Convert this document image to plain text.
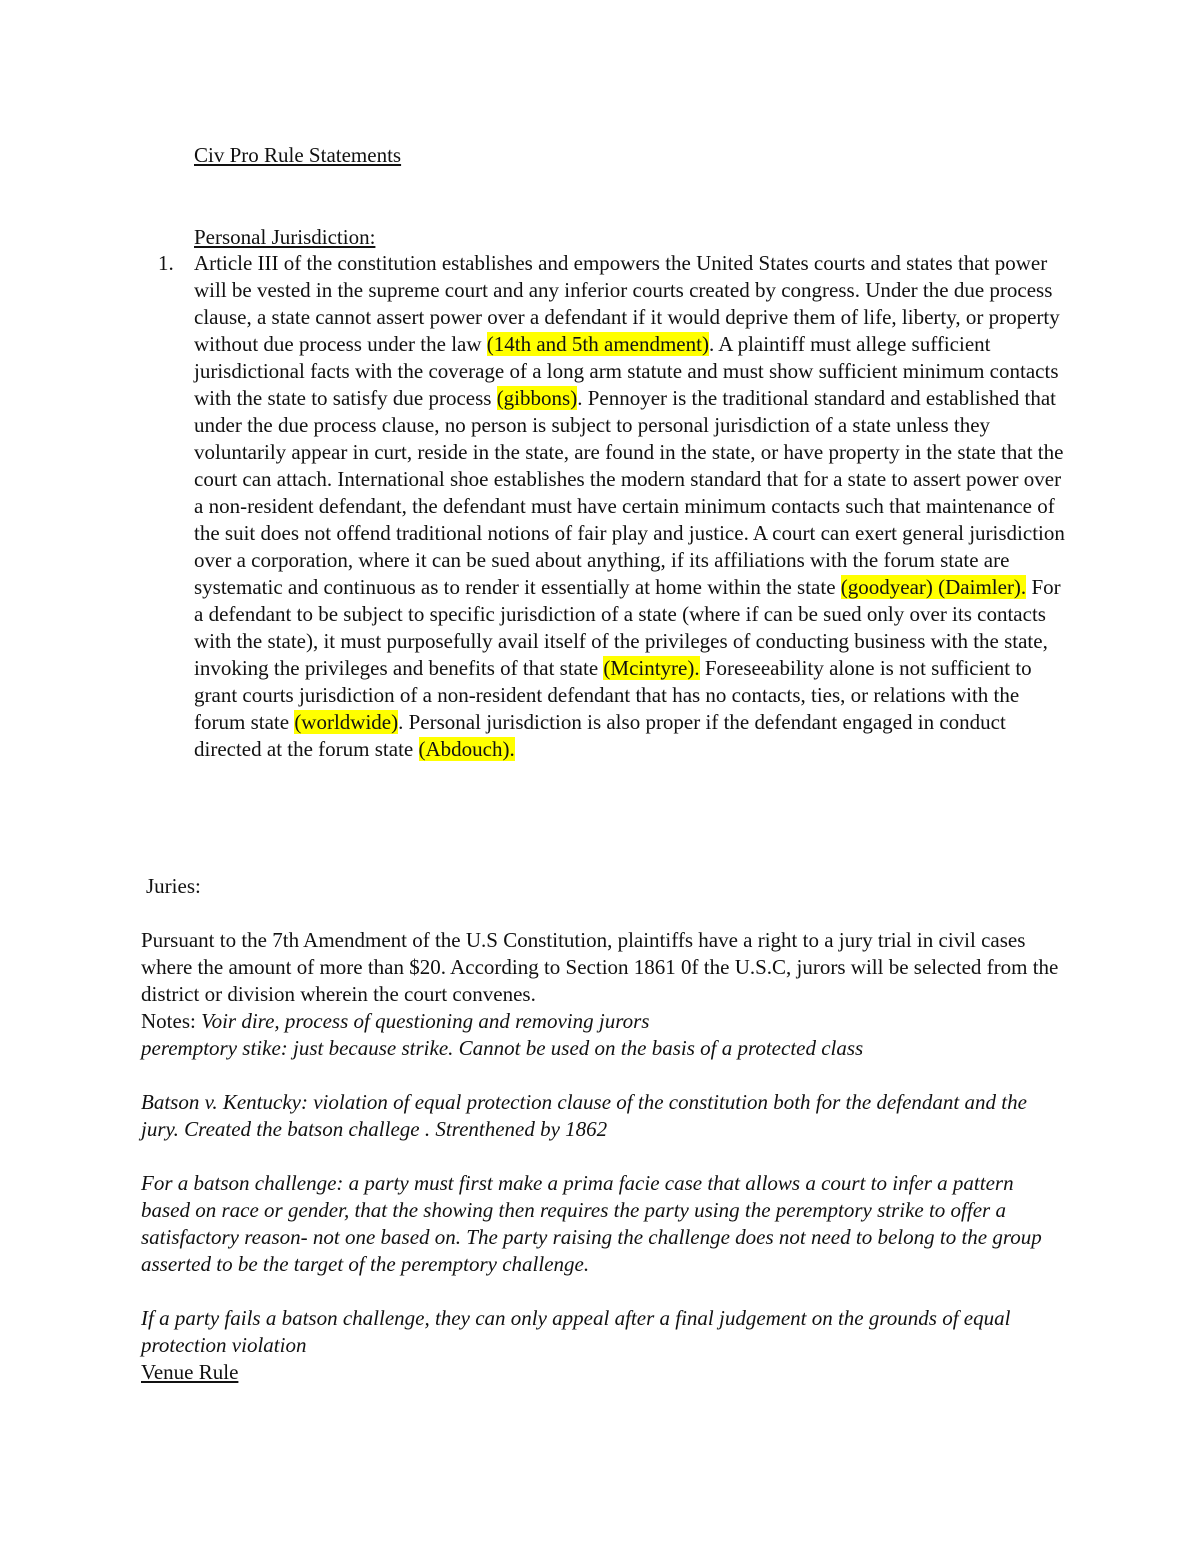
Civ Pro Rule Statements
Personal Jurisdiction:
1. Article III of the constitution establishes and empowers the United States courts and states that power will be vested in the supreme court and any inferior courts created by congress. Under the due process clause, a state cannot assert power over a defendant if it would deprive them of life, liberty, or property without due process under the law (14th and 5th amendment). A plaintiff must allege sufficient jurisdictional facts with the coverage of a long arm statute and must show sufficient minimum contacts with the state to satisfy due process (gibbons). Pennoyer is the traditional standard and established that under the due process clause, no person is subject to personal jurisdiction of a state unless they voluntarily appear in curt, reside in the state, are found in the state, or have property in the state that the court can attach. International shoe establishes the modern standard that for a state to assert power over a non-resident defendant, the defendant must have certain minimum contacts such that maintenance of the suit does not offend traditional notions of fair play and justice. A court can exert general jurisdiction over a corporation, where it can be sued about anything, if its affiliations with the forum state are systematic and continuous as to render it essentially at home within the state (goodyear) (Daimler). For a defendant to be subject to specific jurisdiction of a state (where if can be sued only over its contacts with the state), it must purposefully avail itself of the privileges of conducting business with the state, invoking the privileges and benefits of that state (Mcintyre). Foreseeability alone is not sufficient to grant courts jurisdiction of a non-resident defendant that has no contacts, ties, or relations with the forum state (worldwide). Personal jurisdiction is also proper if the defendant engaged in conduct directed at the forum state (Abdouch).
Juries:
Pursuant to the 7th Amendment of the U.S Constitution, plaintiffs have a right to a jury trial in civil cases where the amount of more than $20. According to Section 1861 0f the U.S.C, jurors will be selected from the district or division wherein the court convenes.
Notes: Voir dire, process of questioning and removing jurors
peremptory stike: just because strike. Cannot be used on the basis of a protected class
Batson v. Kentucky: violation of equal protection clause of the constitution both for the defendant and the jury. Created the batson challege . Strenthened by 1862
For a batson challenge: a party must first make a prima facie case that allows a court to infer a pattern based on race or gender, that the showing then requires the party using the peremptory strike to offer a satisfactory reason- not one based on. The party raising the challenge does not need to belong to the group asserted to be the target of the peremptory challenge.
If a party fails a batson challenge, they can only appeal after a final judgement on the grounds of equal protection violation
Venue Rule
